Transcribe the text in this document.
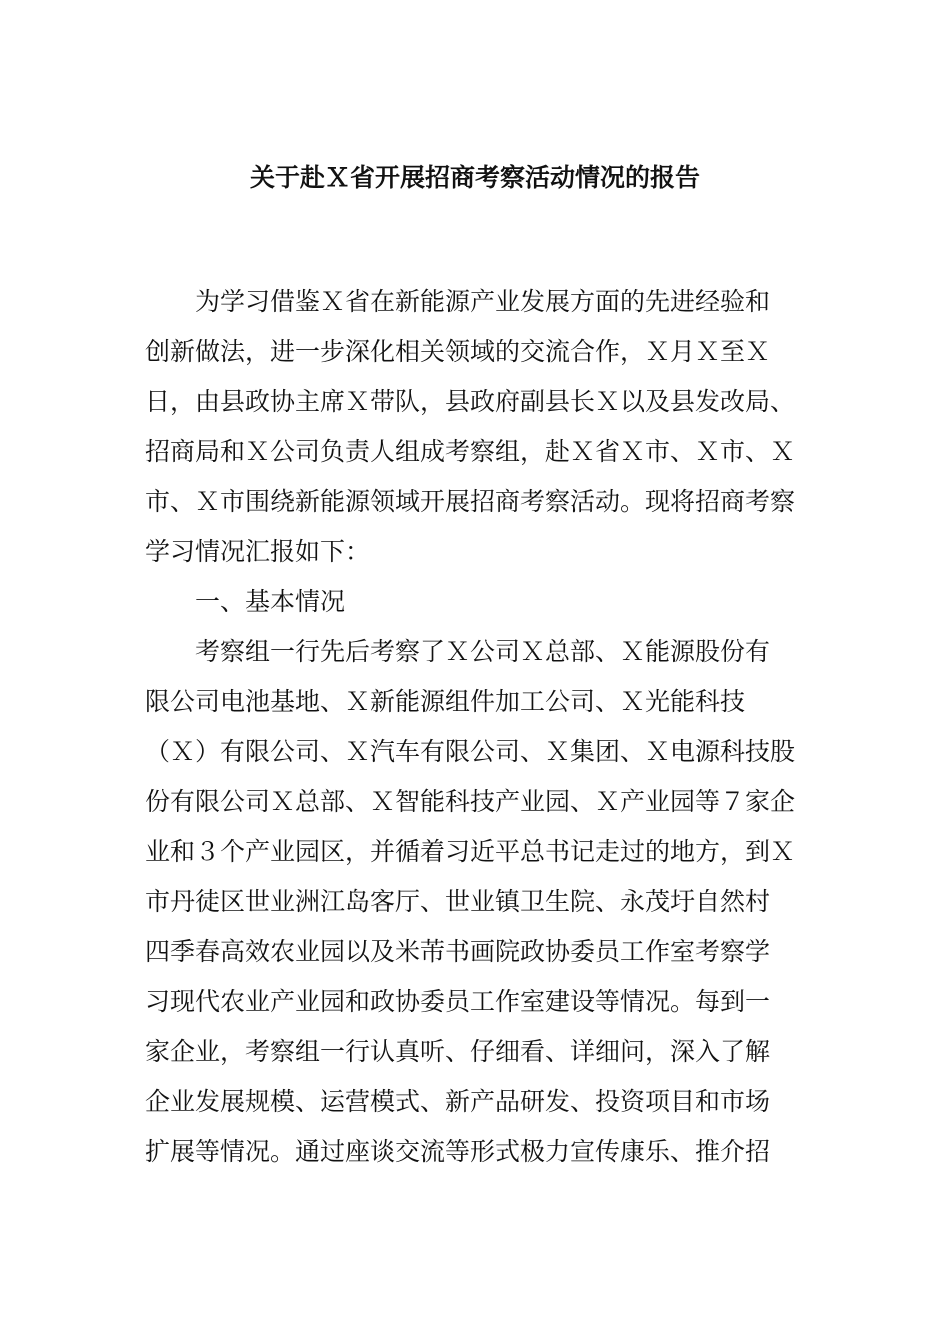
关于赴Ｘ省开展招商考察活动情况的报告
为学习借鉴Ｘ省在新能源产业发展方面的先进经验和
创新做法，进一步深化相关领域的交流合作，Ｘ月Ｘ至Ｘ
日，由县政协主席Ｘ带队，县政府副县长Ｘ以及县发改局、
招商局和Ｘ公司负责人组成考察组，赴Ｘ省Ｘ市、Ｘ市、Ｘ
市、Ｘ市围绕新能源领域开展招商考察活动。现将招商考察
学习情况汇报如下：
一、基本情况
考察组一行先后考察了Ｘ公司Ｘ总部、Ｘ能源股份有
限公司电池基地、Ｘ新能源组件加工公司、Ｘ光能科技
（Ｘ）有限公司、Ｘ汽车有限公司、Ｘ集团、Ｘ电源科技股
份有限公司Ｘ总部、Ｘ智能科技产业园、Ｘ产业园等７家企
业和３个产业园区，并循着习近平总书记走过的地方，到Ｘ
市丹徒区世业洲江岛客厅、世业镇卫生院、永茂圩自然村
四季春高效农业园以及米芾书画院政协委员工作室考察学
习现代农业产业园和政协委员工作室建设等情况。每到一
家企业，考察组一行认真听、仔细看、详细问，深入了解
企业发展规模、运营模式、新产品研发、投资项目和市场
扩展等情况。通过座谈交流等形式极力宣传康乐、推介招
